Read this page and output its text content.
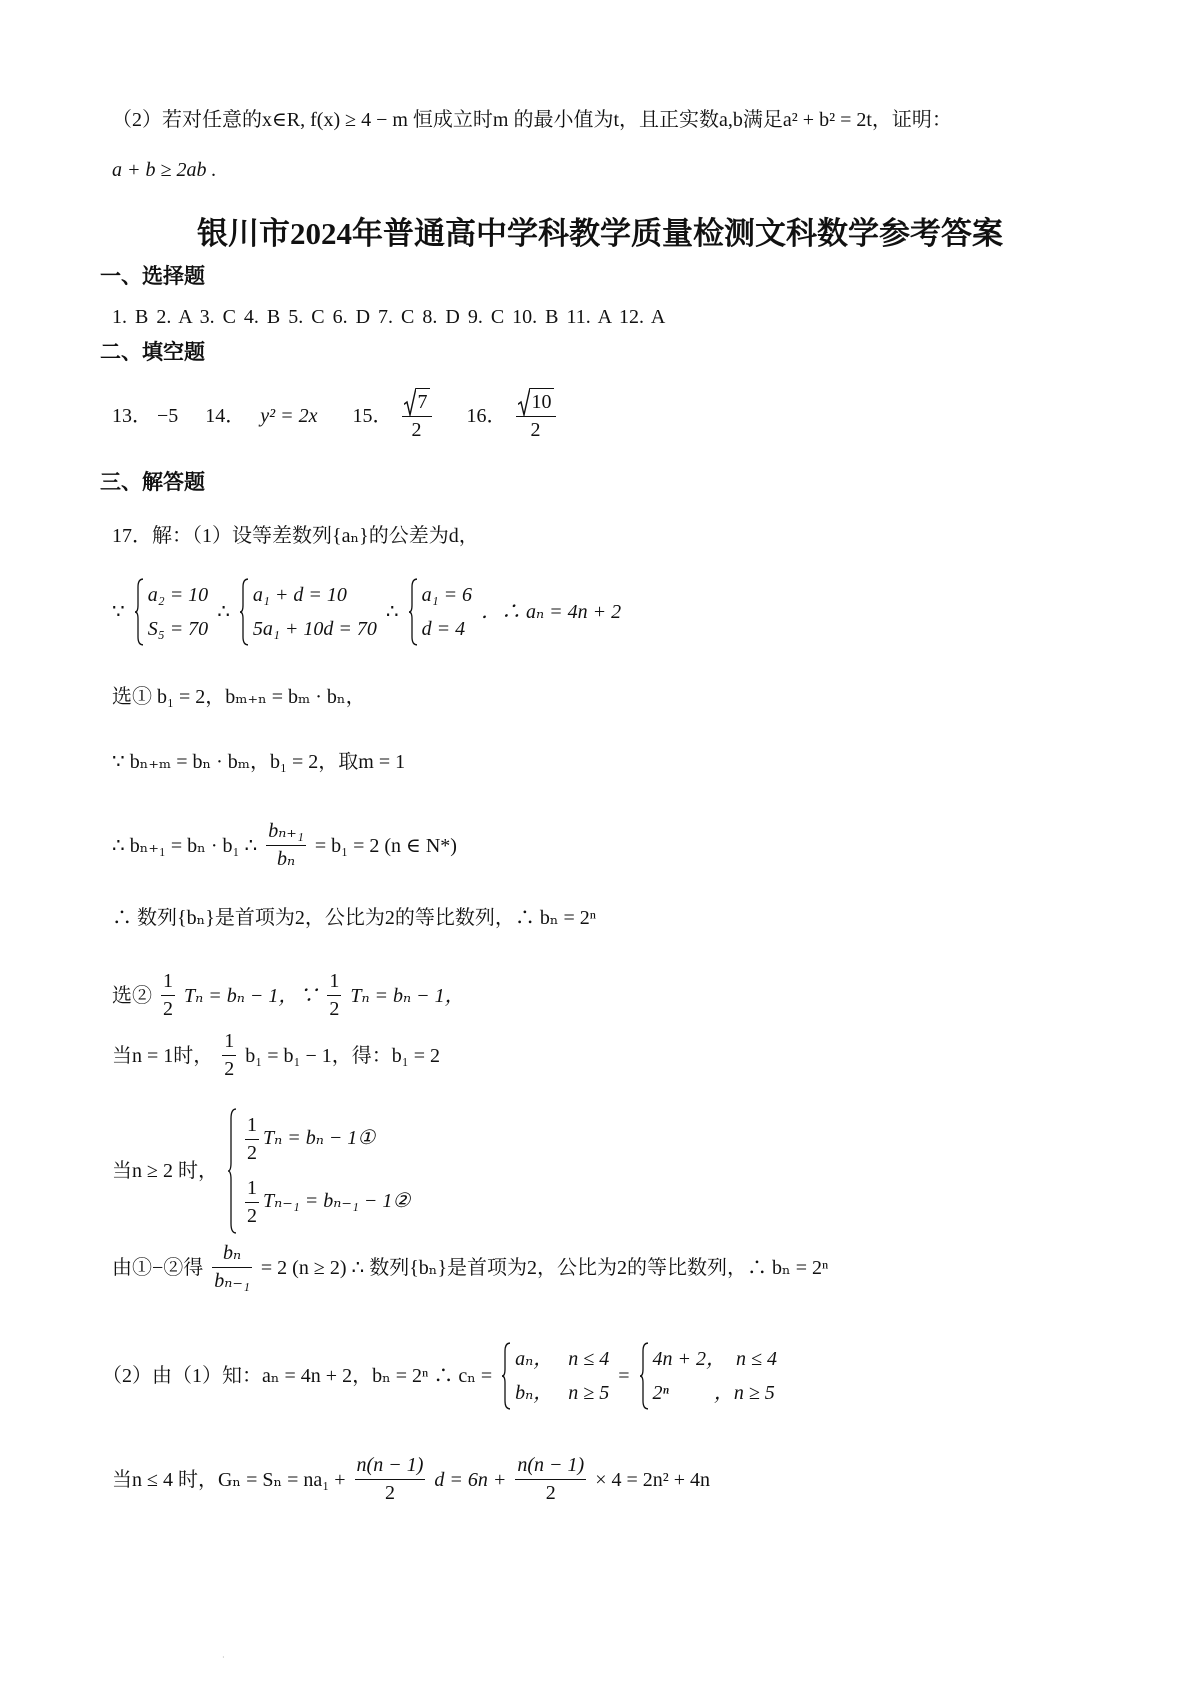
（2）若对任意的x∈R, f(x) ≥ 4 − m 恒成立时m 的最小值为t，且正实数a,b满足a² + b² = 2t，证明：
a + b ≥ 2ab .
银川市2024年普通高中学科教学质量检测文科数学参考答案
一、选择题
1. B 2. A 3. C 4. B 5. C 6. D 7. C 8. D 9. C 10. B 11. A 12. A
二、填空题
13． −5 14． y² = 2x 15． $\frac{7}{2} 16$． $\frac{10}{2}$
三、解答题
17．解：（1）设等差数列{aₙ}的公差为d，
∵
a₂ = 10
S₅ = 70
∴
a₁ + d = 10
5a₁ + 10d = 70
∴
a₁ = 6
d = 4
．∴ aₙ = 4n + 2
选① b₁ = 2，bₘ₊ₙ = bₘ · bₙ，
∵ bₙ₊ₘ = bₙ · bₘ，b₁ = 2，取m = 1
∴ bₙ₊₁ = bₙ · b₁ ∴ $\frac{\text{bₙ₊₁}}{\text{bₙ}} = b_1 = 2$ (n ∈ N*)
∴ 数列{bₙ}是首项为2，公比为2的等比数列，∴ bₙ = 2ⁿ
选② $\frac{1}{2}$ Tₙ = bₙ − 1，∵ $\frac{1}{2}$ Tₙ = bₙ − 1，
当n = 1时， $\frac{1}{2} b_1 = b_1 - 1$，得：b₁ = 2
当n ≥ 2 时，
$\frac{1}{2}$ Tₙ = bₙ − 1①
$\frac{1}{2} T_{n-1} = b_{n-1}$ − 1②
由①−②得 $\frac{\text{bₙ}}{\text{bₙ₋₁}} = 2$ (n ≥ 2) ∴ 数列{bₙ}是首项为2，公比为2的等比数列，∴ bₙ = 2ⁿ
（2）由（1）知：aₙ = 4n + 2，bₙ = 2ⁿ ∴ cₙ =
aₙ，   n ≤ 4
bₙ，   n ≥ 5
=
4n + 2，  n ≤ 4
2ⁿ         ，n ≥ 5
当n ≤ 4 时，$G_n = S_n = na_1 + \frac{n(n - 1)}{2}$ $d = 6n + \frac{n(n - 1)}{2} \times 4 = 2n^2 + 4n$
·
